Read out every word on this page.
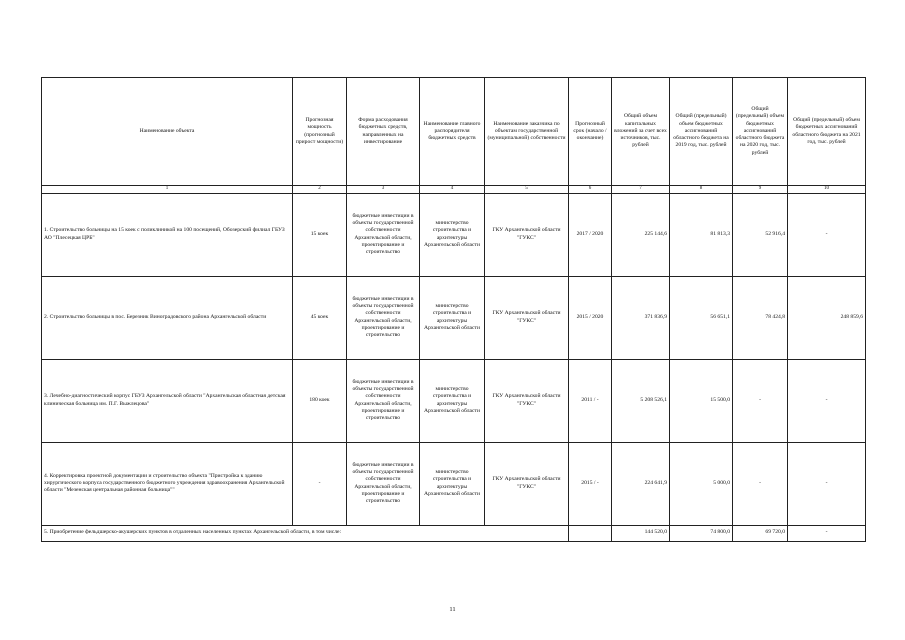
Наименование объекта	Прогнозная мощность (прогнозный прирост мощности)	Форма расходования бюджетных средств, направленных на инвестирование	Наименование главного распорядителя бюджетных средств	Наименование заказчика по объектам государственной (муниципальной) собственности	Прогнозный срок (начало / окончание)	Общий объем капитальных вложений за счет всех источников, тыс. рублей	Общий (предельный) объем бюджетных ассигнований областного бюджета на 2019 год, тыс. рублей	Общий (предельный) объем бюджетных ассигнований областного бюджета на 2020 год, тыс. рублей	Общий (предельный) объем бюджетных ассигнований областного бюджета на 2021 год, тыс. рублей
1	2	3	4	5	6	7	8	9	10
1. Строительство больницы на 15 коек с поликлиникой на 100 посещений, Обозерский филиал ГБУЗ АО "Плесецкая ЦРБ"	15 коек	бюджетные инвестиции в объекты государственной собственности Архангельской области, проектирование и строительство	министерство строительства и архитектуры Архангельской области	ГКУ Архангельской области "ГУКС"	2017 / 2020	225 144,6	81 813,3	52 916,4	-
2. Строительство больницы в пос. Березник Виноградовского района Архангельской области	45 коек	бюджетные инвестиции в объекты государственной собственности Архангельской области, проектирование и строительство	министерство строительства и архитектуры Архангельской области	ГКУ Архангельской области "ГУКС"	2015 / 2020	371 836,9	56 651,1	78 424,8	248 859,6
3. Лечебно-диагностический корпус ГБУЗ Архангельской области "Архангельская областная детская клиническая больница им. П.Г. Выжлецова"	180 коек	бюджетные инвестиции в объекты государственной собственности Архангельской области, проектирование и строительство	министерство строительства и архитектуры Архангельской области	ГКУ Архангельской области "ГУКС"	2011 / -	5 208 526,1	15 500,0	-	-
4. Корректировка проектной документации и строительство объекта "Пристройка к зданию хирургического корпуса государственного бюджетного учреждения здравоохранения Архангельской области "Мезенская центральная районная больница""	-	бюджетные инвестиции в объекты государственной собственности Архангельской области, проектирование и строительство	министерство строительства и архитектуры Архангельской области	ГКУ Архангельской области "ГУКС"	2015 / -	224 641,9	5 000,0	-	-
5. Приобретение фельдшерско-акушерских пунктов в отдаленных населенных пунктах Архангельской области, в том числе:						144 520,0	74 800,0	69 720,0	-
11
